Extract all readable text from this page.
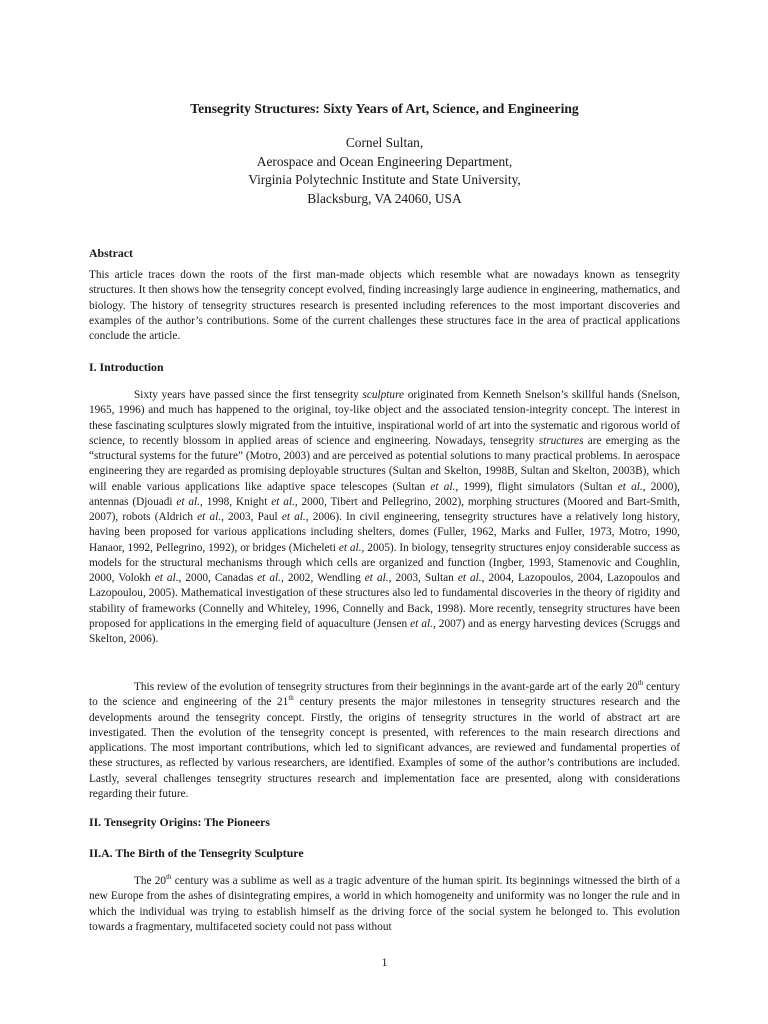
Tensegrity Structures: Sixty Years of Art, Science, and Engineering
Cornel Sultan,
Aerospace and Ocean Engineering Department,
Virginia Polytechnic Institute and State University,
Blacksburg, VA 24060, USA
Abstract

This article traces down the roots of the first man-made objects which resemble what are nowadays known as tensegrity structures. It then shows how the tensegrity concept evolved, finding increasingly large audience in engineering, mathematics, and biology. The history of tensegrity structures research is presented including references to the most important discoveries and examples of the author’s contributions. Some of the current challenges these structures face in the area of practical applications conclude the article.

I. Introduction

Sixty years have passed since the first tensegrity sculpture originated from Kenneth Snelson’s skillful hands (Snelson, 1965, 1996) and much has happened to the original, toy-like object and the associated tension-integrity concept. The interest in these fascinating sculptures slowly migrated from the intuitive, inspirational world of art into the systematic and rigorous world of science, to recently blossom in applied areas of science and engineering. Nowadays, tensegrity structures are emerging as the “structural systems for the future” (Motro, 2003) and are perceived as potential solutions to many practical problems. In aerospace engineering they are regarded as promising deployable structures (Sultan and Skelton, 1998B, Sultan and Skelton, 2003B), which will enable various applications like adaptive space telescopes (Sultan et al., 1999), flight simulators (Sultan et al., 2000), antennas (Djouadi et al., 1998, Knight et al., 2000, Tibert and Pellegrino, 2002), morphing structures (Moored and Bart-Smith, 2007), robots (Aldrich et al., 2003, Paul et al., 2006). In civil engineering, tensegrity structures have a relatively long history, having been proposed for various applications including shelters, domes (Fuller, 1962, Marks and Fuller, 1973, Motro, 1990, Hanaor, 1992, Pellegrino, 1992), or bridges (Micheleti et al., 2005). In biology, tensegrity structures enjoy considerable success as models for the structural mechanisms through which cells are organized and function (Ingber, 1993, Stamenovic and Coughlin, 2000, Volokh et al., 2000, Canadas et al., 2002, Wendling et al., 2003, Sultan et al., 2004, Lazopoulos, 2004, Lazopoulos and Lazopoulou, 2005). Mathematical investigation of these structures also led to fundamental discoveries in the theory of rigidity and stability of frameworks (Connelly and Whiteley, 1996, Connelly and Back, 1998). More recently, tensegrity structures have been proposed for applications in the emerging field of aquaculture (Jensen et al., 2007) and as energy harvesting devices (Scruggs and Skelton, 2006).

This review of the evolution of tensegrity structures from their beginnings in the avant-garde art of the early 20th century to the science and engineering of the 21th century presents the major milestones in tensegrity structures research and the developments around the tensegrity concept. Firstly, the origins of tensegrity structures in the world of abstract art are investigated. Then the evolution of the tensegrity concept is presented, with references to the main research directions and applications. The most important contributions, which led to significant advances, are reviewed and fundamental properties of these structures, as reflected by various researchers, are identified. Examples of some of the author’s contributions are included. Lastly, several challenges tensegrity structures research and implementation face are presented, along with considerations regarding their future.

II. Tensegrity Origins: The Pioneers
II.A. The Birth of the Tensegrity Sculpture

The 20th century was a sublime as well as a tragic adventure of the human spirit. Its beginnings witnessed the birth of a new Europe from the ashes of disintegrating empires, a world in which homogeneity and uniformity was no longer the rule and in which the individual was trying to establish himself as the driving force of the social system he belonged to. This evolution towards a fragmentary, multifaceted society could not pass without

1
